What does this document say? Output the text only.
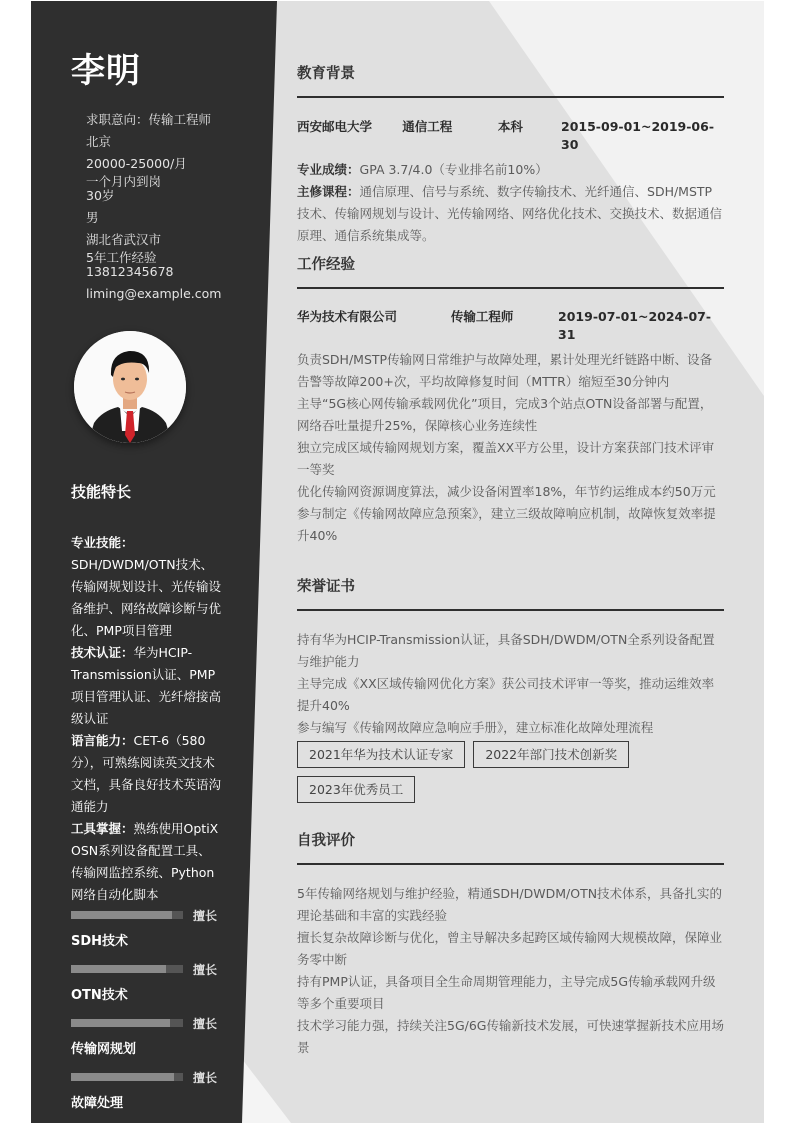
李明
求职意向：传输工程师
北京
20000-25000/月
一个月内到岗
30岁
男
湖北省武汉市
5年工作经验
13812345678
liming@example.com
技能特长
专业技能：SDH/DWDM/OTN技术、传输网规划设计、光传输设备维护、网络故障诊断与优化、PMP项目管理
技术认证：华为HCIP-Transmission认证、PMP项目管理认证、光纤熔接高级认证
语言能力：CET-6（580分），可熟练阅读英文技术文档，具备良好技术英语沟通能力
工具掌握：熟练使用OptiX OSN系列设备配置工具、传输网监控系统、Python网络自动化脚本
擅长
SDH技术
擅长
OTN技术
擅长
传输网规划
擅长
故障处理
教育背景
西安邮电大学	通信工程	本科	2015-09-01~2019-06-30
专业成绩：GPA 3.7/4.0（专业排名前10%）
主修课程：通信原理、信号与系统、数字传输技术、光纤通信、SDH/MSTP技术、传输网规划与设计、光传输网络、网络优化技术、交换技术、数据通信原理、通信系统集成等。
工作经验
华为技术有限公司	传输工程师	2019-07-01~2024-07-31
负责SDH/MSTP传输网日常维护与故障处理，累计处理光纤链路中断、设备告警等故障200+次，平均故障修复时间（MTTR）缩短至30分钟内
主导“5G核心网传输承载网优化”项目，完成3个站点OTN设备部署与配置，网络吞吐量提升25%，保障核心业务连续性
独立完成区域传输网规划方案，覆盖XX平方公里，设计方案获部门技术评审一等奖
优化传输网资源调度算法，减少设备闲置率18%，年节约运维成本约50万元
参与制定《传输网故障应急预案》，建立三级故障响应机制，故障恢复效率提升40%
荣誉证书
持有华为HCIP-Transmission认证，具备SDH/DWDM/OTN全系列设备配置与维护能力
主导完成《XX区域传输网优化方案》获公司技术评审一等奖，推动运维效率提升40%
参与编写《传输网故障应急响应手册》，建立标准化故障处理流程
2021年华为技术认证专家	2022年部门技术创新奖
2023年优秀员工
自我评价
5年传输网络规划与维护经验，精通SDH/DWDM/OTN技术体系，具备扎实的理论基础和丰富的实践经验
擅长复杂故障诊断与优化，曾主导解决多起跨区域传输网大规模故障，保障业务零中断
持有PMP认证，具备项目全生命周期管理能力，主导完成5G传输承载网升级等多个重要项目
技术学习能力强，持续关注5G/6G传输新技术发展，可快速掌握新技术应用场景
